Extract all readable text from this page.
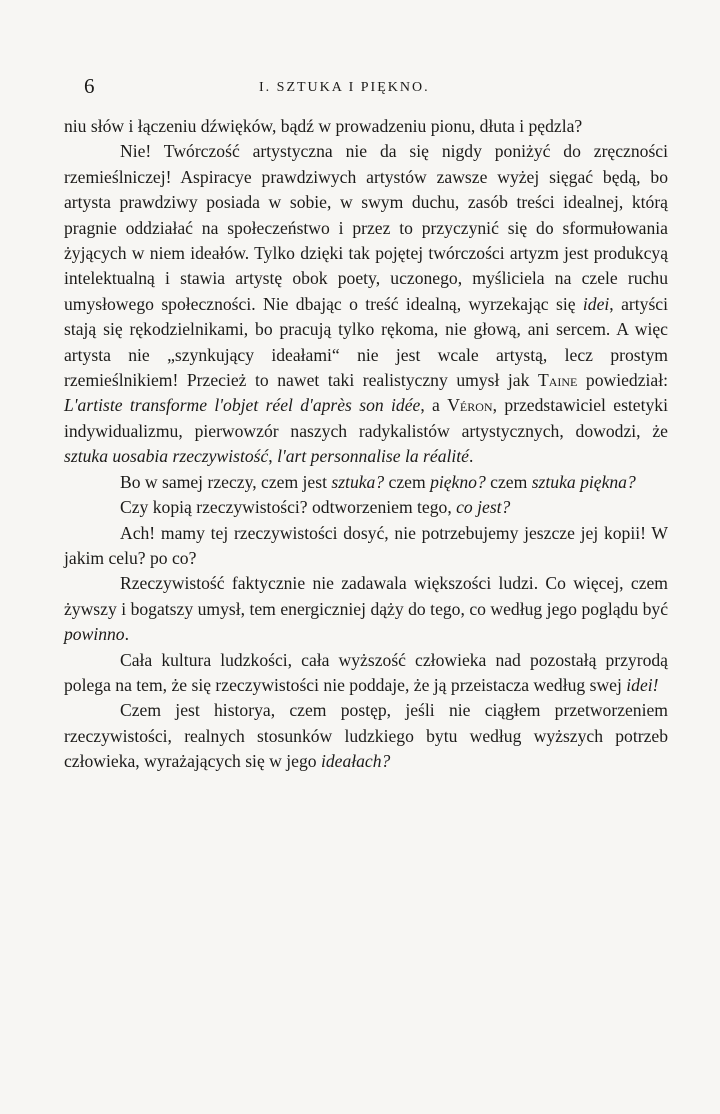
6	I. SZTUKA I PIĘKNO.

niu słów i łączeniu dźwięków, bądź w prowadzeniu pionu, dłuta i pędzla?

Nie! Twórczość artystyczna nie da się nigdy poniżyć do zręczności rzemieślniczej! Aspiracye prawdziwych artystów zawsze wyżej sięgać będą, bo artysta prawdziwy posiada w sobie, w swym duchu, zasób treści idealnej, którą pragnie oddziałać na społeczeństwo i przez to przyczynić się do sformułowania żyjących w niem ideałów. Tylko dzięki tak pojętej twórczości artyzm jest produkcyą intelektualną i stawia artystę obok poety, uczonego, myśliciela na czele ruchu umysłowego społeczności. Nie dbając o treść idealną, wyrzekając się idei, artyści stają się rękodzielnikami, bo pracują tylko rękoma, nie głową, ani sercem. A więc artysta nie „szynkujący ideałami“ nie jest wcale artystą, lecz prostym rzemieślnikiem! Przecież to nawet taki realistyczny umysł jak Taine powiedział: L'artiste transforme l'objet réel d'après son idée, a Véron, przedstawiciel estetyki indywidualizmu, pierwowzór naszych radykalistów artystycznych, dowodzi, że sztuka uosabia rzeczywistość, l'art personnalise la réalité.

Bo w samej rzeczy, czem jest sztuka? czem piękno? czem sztuka piękna?

Czy kopią rzeczywistości? odtworzeniem tego, co jest?

Ach! mamy tej rzeczywistości dosyć, nie potrzebujemy jeszcze jej kopii! W jakim celu? po co?

Rzeczywistość faktycznie nie zadawala większości ludzi. Co więcej, czem żywszy i bogatszy umysł, tem energiczniej dąży do tego, co według jego poglądu być powinno.

Cała kultura ludzkości, cała wyższość człowieka nad pozostałą przyrodą polega na tem, że się rzeczywistości nie poddaje, że ją przeistacza według swej idei!

Czem jest historya, czem postęp, jeśli nie ciągłem przetworzeniem rzeczywistości, realnych stosunków ludzkiego bytu według wyższych potrzeb człowieka, wyrażających się w jego ideałach?
